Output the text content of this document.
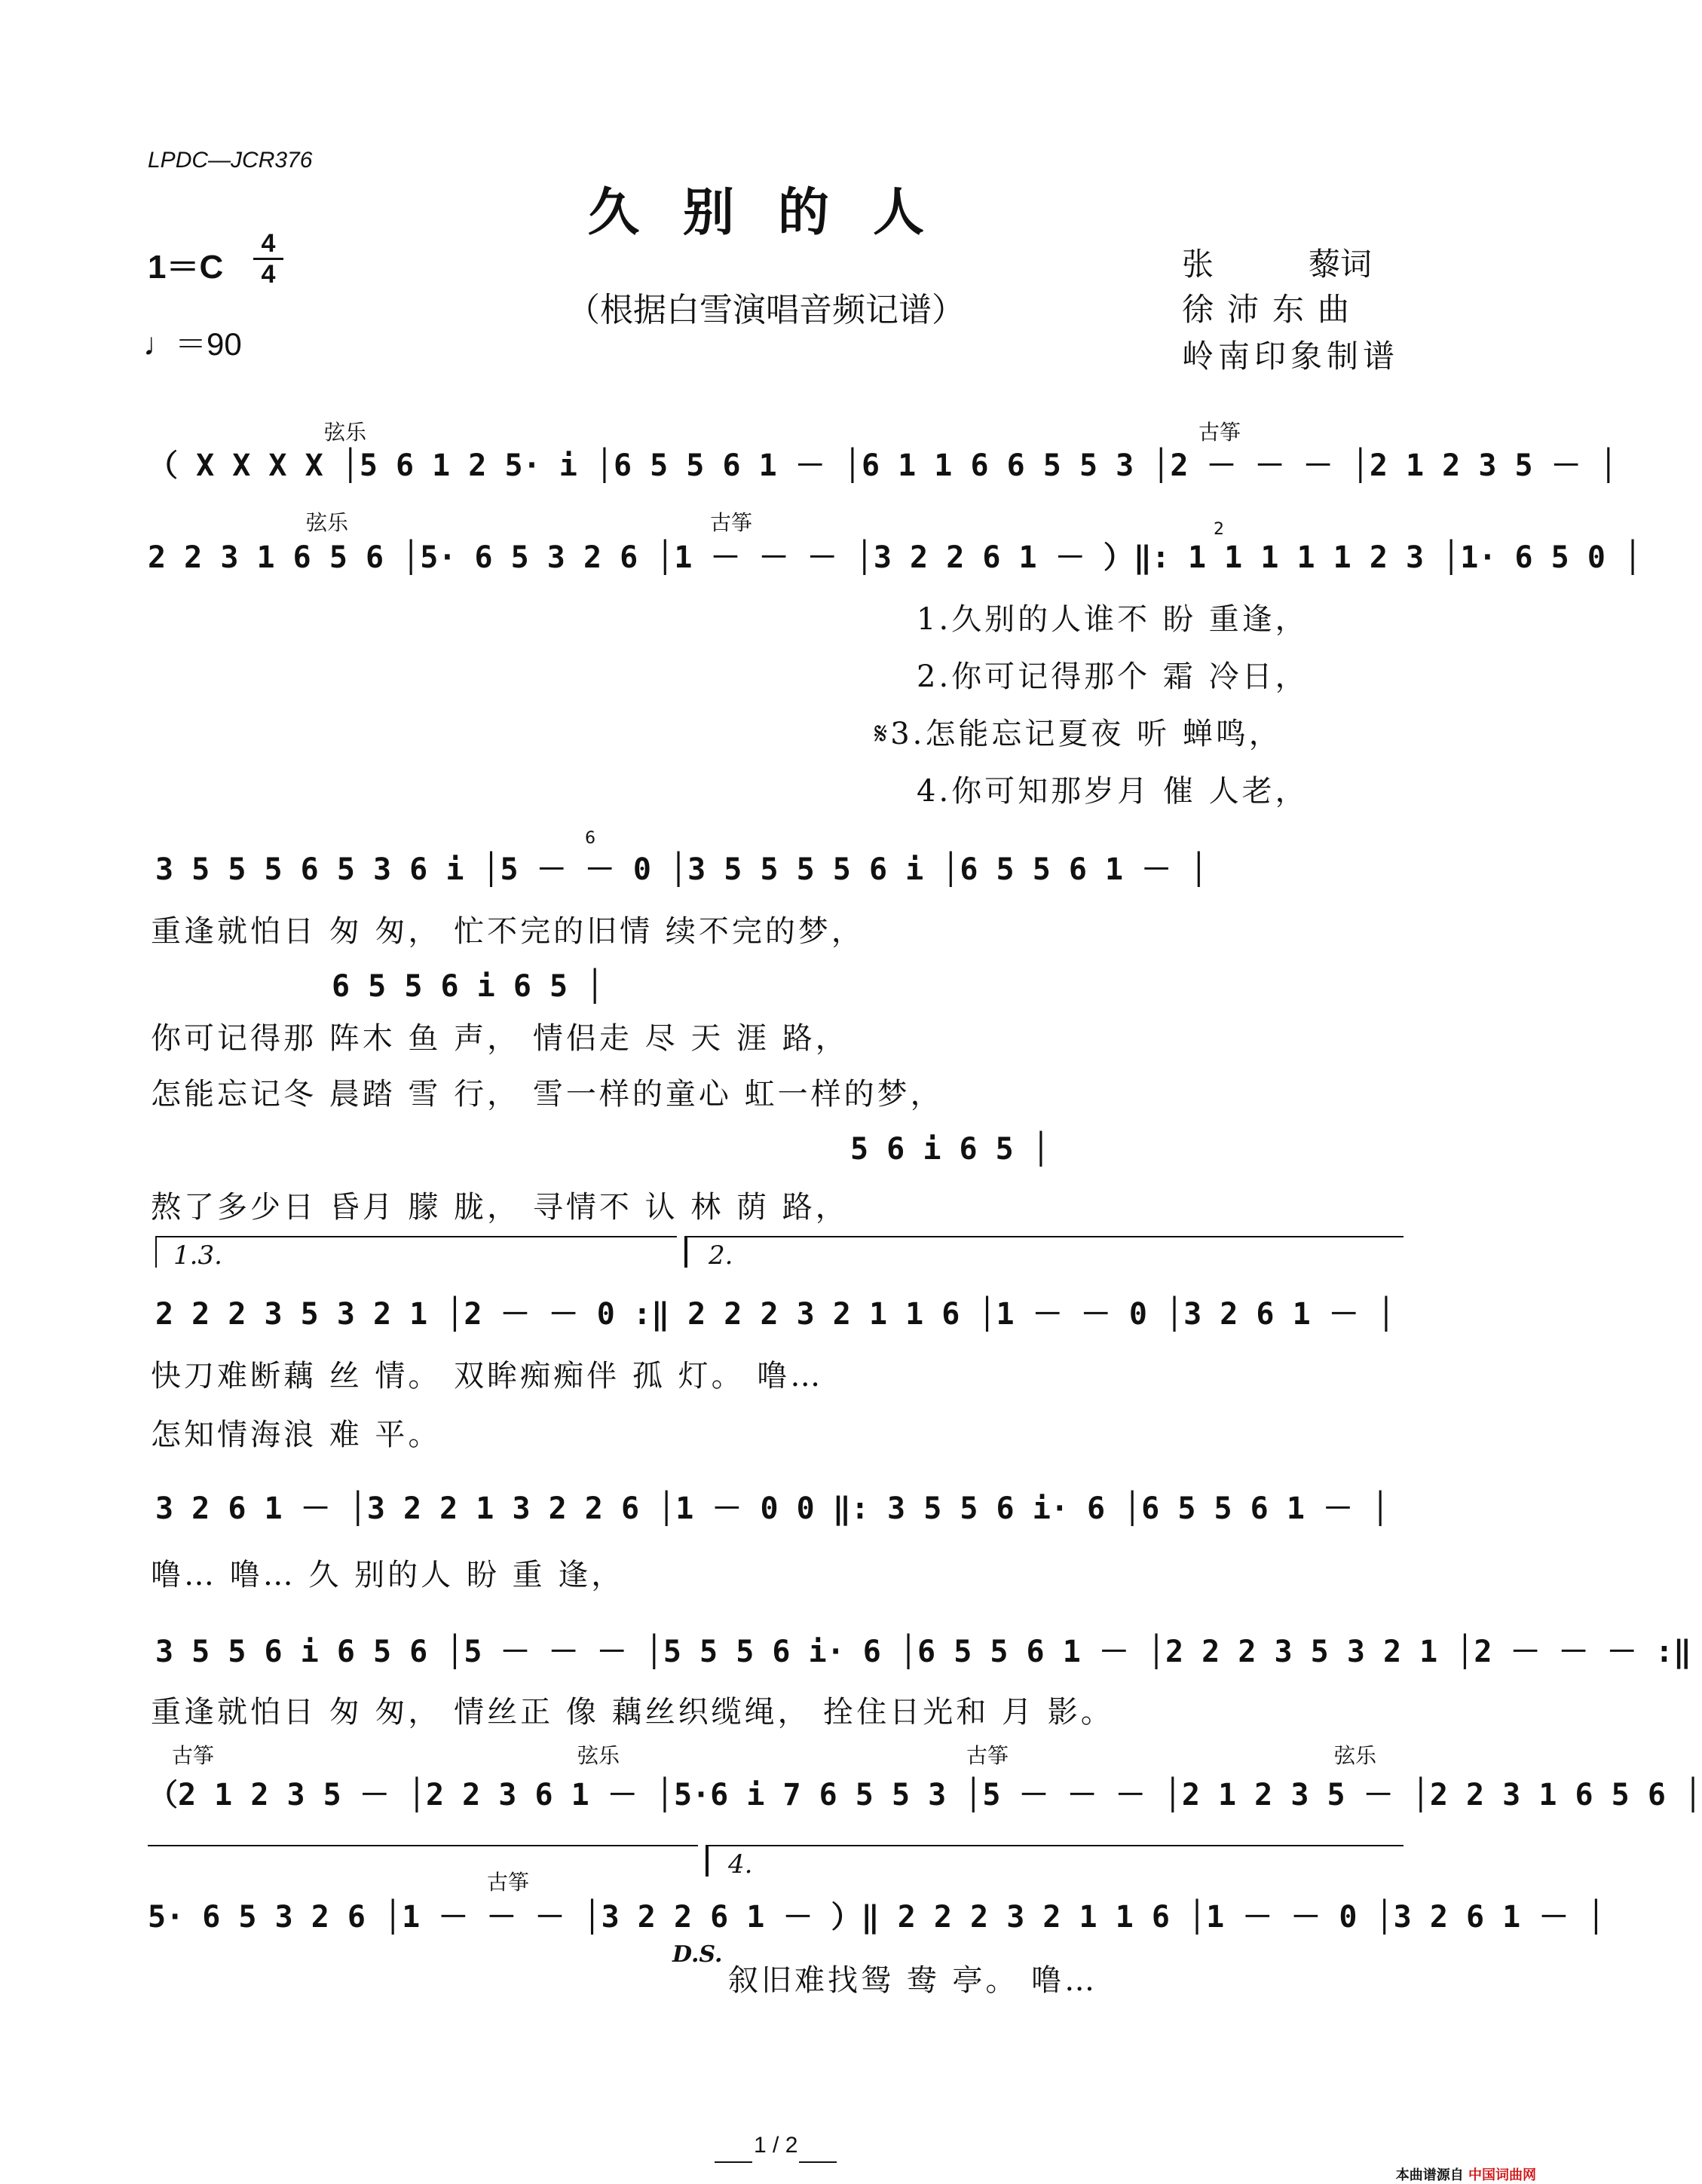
LPDC—JCR376
久别的人
（根据白雪演唱音频记谱）
1＝C
4
4
♩＝90
张	藜词
徐沛东曲
岭南印象制谱
弦乐	古筝
（ X X X X │5 6 1 2 5· i │6 5 5 6 1 － │6 1 1 6 6 5 5 3 │2 － － － │2 1 2 3 5 － │
弦乐	古筝
2 2 3 1 6 5 6 │5· 6 5 3 2 6 │1 － － － │3 2 2 6 1 － ）‖: 1 1 1 1 1 2 3 │1· 6 5 0 │
2
1.久别的人谁不 盼 重逢，
2.你可记得那个 霜 冷日，
𝄋3.怎能忘记夏夜 听 蝉鸣，
4.你可知那岁月 催 人老，
6
3 5 5 5 6 5 3 6 i │5 － － 0 │3 5 5 5 5 6 i │6 5 5 6 1 － │
重逢就怕日 匆 匆， 忙不完的旧情 续不完的梦，
6 5 5 6 i 6 5 │
你可记得那 阵木 鱼 声， 情侣走 尽 天 涯 路，
怎能忘记冬 晨踏 雪 行， 雪一样的童心 虹一样的梦，
5 6 i 6 5 │
熬了多少日 昏月 朦 胧， 寻情不 认 林 荫 路，
1.3.	2.
2 2 2 3 5 3 2 1 │2 － － 0 :‖ 2 2 2 3 2 1 1 6 │1 － － 0 │3 2 6 1 － │
快刀难断藕 丝 情。 双眸痴痴伴 孤 灯。 噜…
怎知情海浪 难 平。
3 2 6 1 － │3 2 2 1 3 2 2 6 │1 － 0 0 ‖: 3 5 5 6 i· 6 │6 5 5 6 1 － │
噜… 噜… 久 别的人 盼 重 逢，
3 5 5 6 i 6 5 6 │5 － － － │5 5 5 6 i· 6 │6 5 5 6 1 － │2 2 2 3 5 3 2 1 │2 － － － :‖
重逢就怕日 匆 匆， 情丝正 像 藕丝织缆绳， 拴住日光和 月 影。
古筝	弦乐	古筝	弦乐
（2 1 2 3 5 － │2 2 3 6 1 － │5·6 i 7 6 5 5 3 │5 － － － │2 1 2 3 5 － │2 2 3 1 6 5 6 │
4.
古筝
5· 6 5 3 2 6 │1 － － － │3 2 2 6 1 － ）‖ 2 2 2 3 2 1 1 6 │1 － － 0 │3 2 6 1 － │
D.S.
叙旧难找鸳 鸯 亭。 噜…
1 / 2
本曲谱源自 中国词曲网
